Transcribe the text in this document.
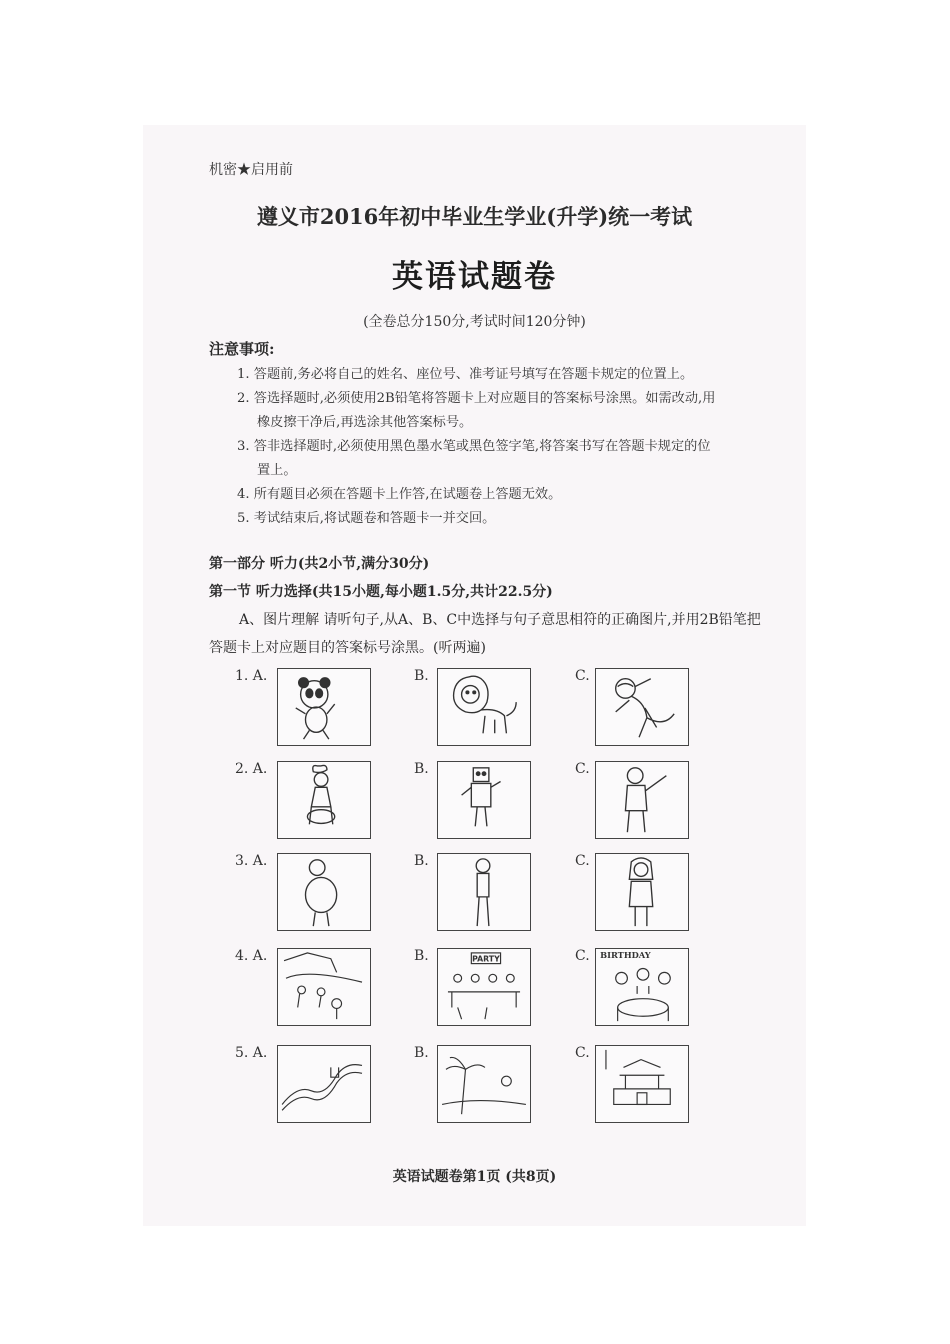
机密★启用前
遵义市2016年初中毕业生学业(升学)统一考试
英语试题卷
(全卷总分150分,考试时间120分钟)
注意事项:
1. 答题前,务必将自己的姓名、座位号、准考证号填写在答题卡规定的位置上。
2. 答选择题时,必须使用2B铅笔将答题卡上对应题目的答案标号涂黑。如需改动,用
橡皮擦干净后,再选涂其他答案标号。
3. 答非选择题时,必须使用黑色墨水笔或黑色签字笔,将答案书写在答题卡规定的位
置上。
4. 所有题目必须在答题卡上作答,在试题卷上答题无效。
5. 考试结束后,将试题卷和答题卡一并交回。
第一部分 听力(共2小节,满分30分)
第一节 听力选择(共15小题,每小题1.5分,共计22.5分)
A、图片理解 请听句子,从A、B、C中选择与句子意思相符的正确图片,并用2B铅笔把
答题卡上对应题目的答案标号涂黑。(听两遍)
1. A.	B.	C.
2. A.	B.	C.
3. A.	B.	C.
4. A.	B.	PARTY	C. BIRTHDAY
5. A.	B.	C.
英语试题卷第1页 (共8页)
